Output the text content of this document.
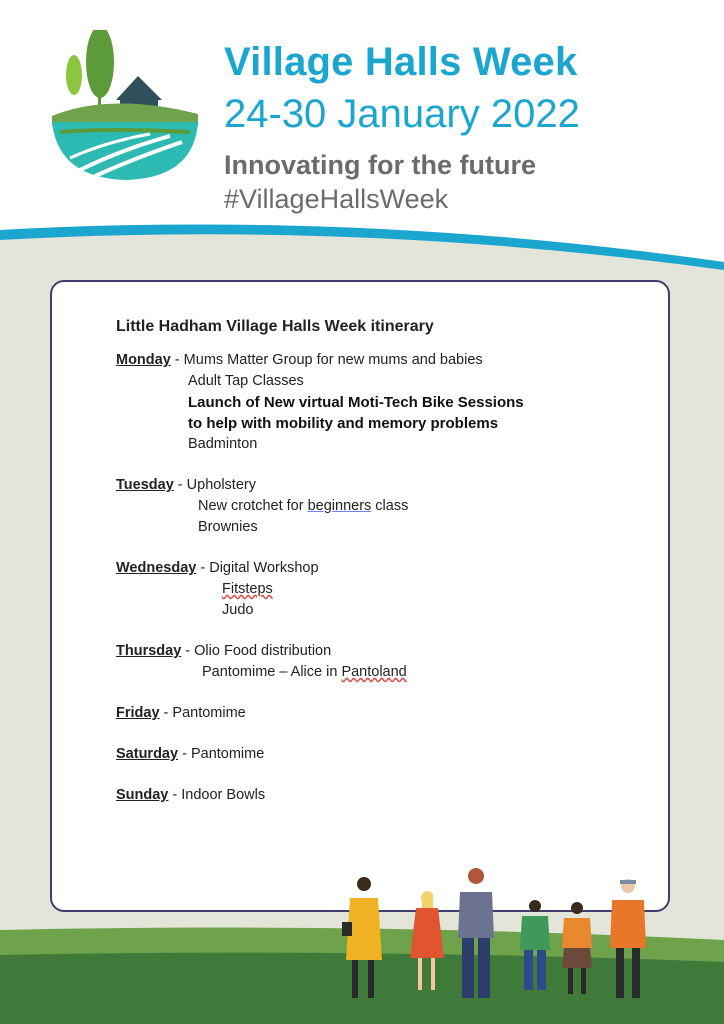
Village Halls Week
24-30 January 2022
Innovating for the future
#VillageHallsWeek
Little Hadham Village Halls Week itinerary
Monday - Mums Matter Group for new mums and babies
Adult Tap Classes
Launch of New virtual Moti-Tech Bike Sessions
to help with mobility and memory problems
Badminton
Tuesday - Upholstery
New crotchet for beginners class
Brownies
Wednesday - Digital Workshop
Fitsteps
Judo
Thursday - Olio Food distribution
Pantomime – Alice in Pantoland
Friday - Pantomime
Saturday - Pantomime
Sunday - Indoor Bowls
